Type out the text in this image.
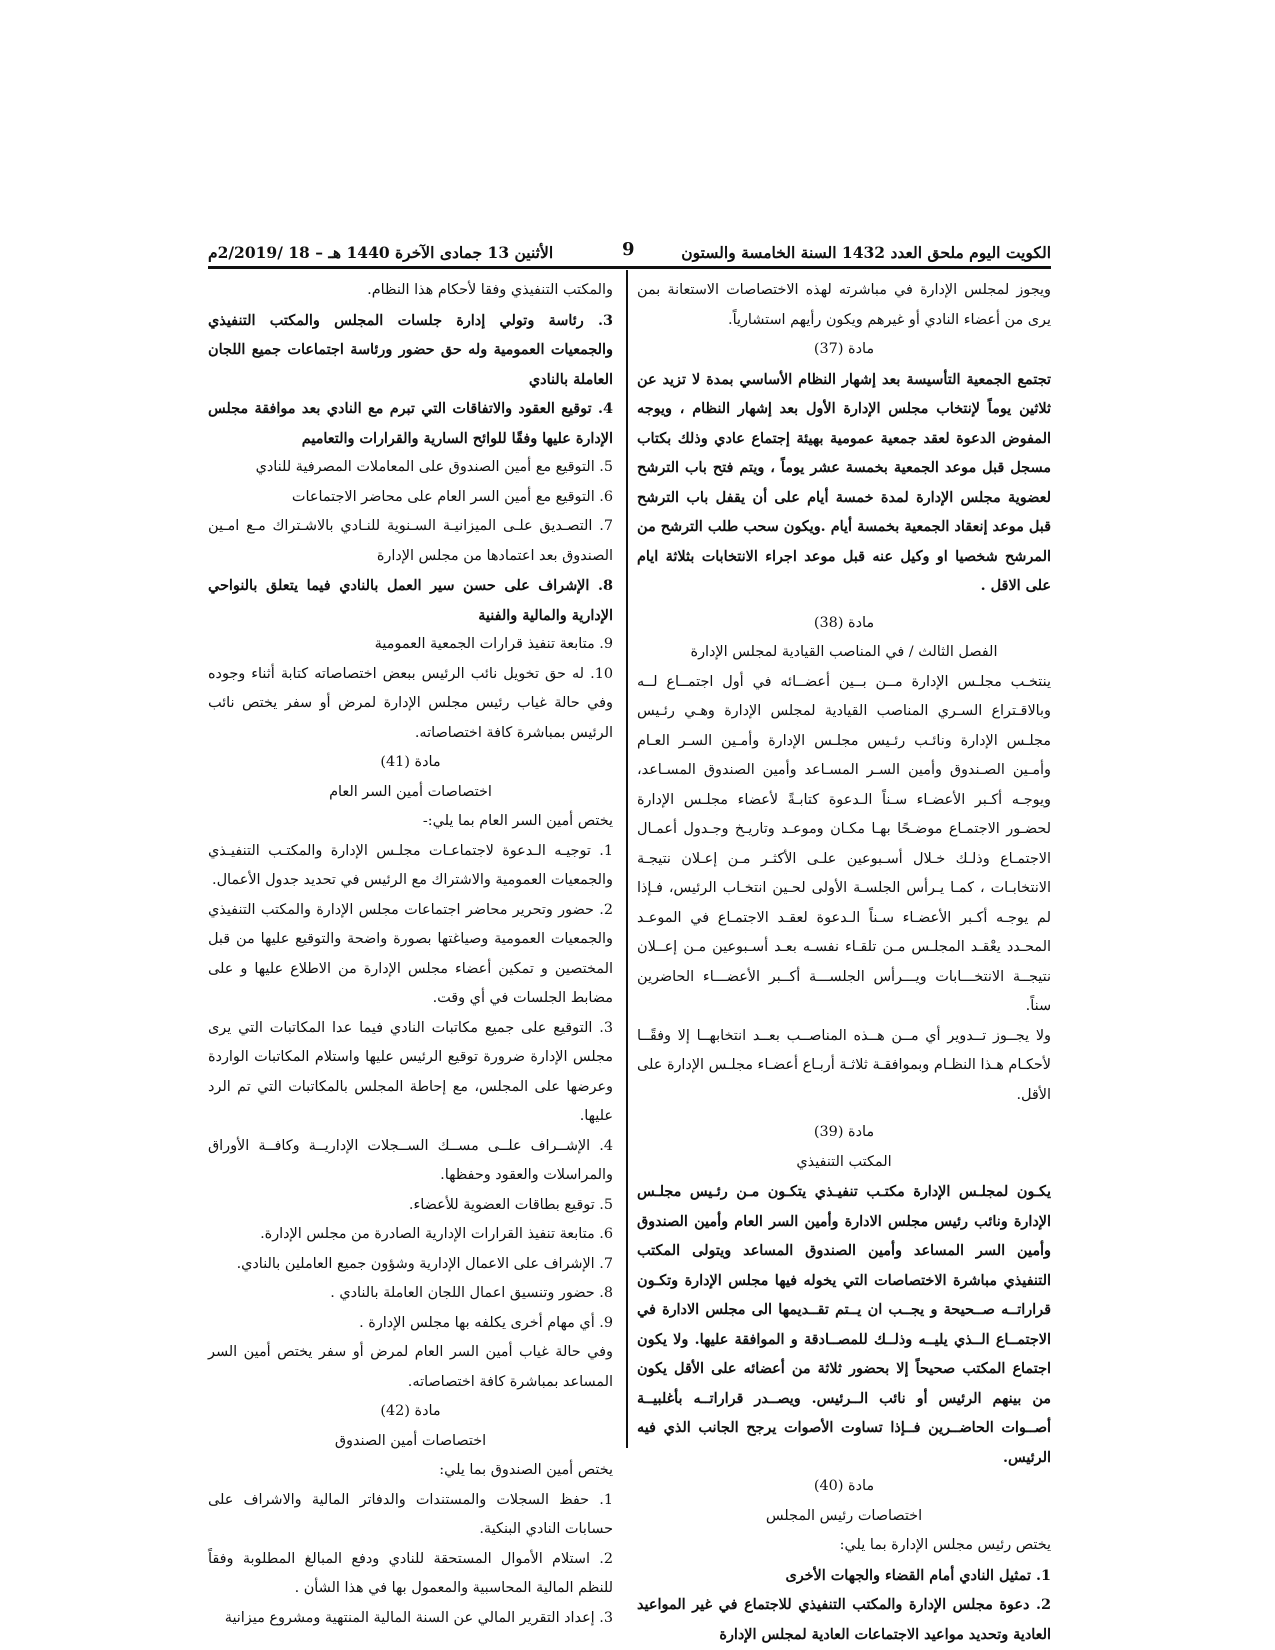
الكويت اليوم ملحق العدد 1432 السنة الخامسة والستون
9
الأثنين 13 جمادى الآخرة 1440 هـ – 18 /2/2019م

ويجوز لمجلس الإدارة في مباشرته لهذه الاختصاصات الاستعانة بمن يرى من أعضاء النادي أو غيرهم ويكون رأيهم استشارياً.

مادة (37)

تجتمع الجمعية التأسيسة بعد إشهار النظام الأساسي بمدة لا تزيد عن ثلاثين يوماً لإنتخاب مجلس الإدارة الأول بعد إشهار النظام ، ويوجه المفوض الدعوة لعقد جمعية عمومية بهيئة إجتماع عادي وذلك بكتاب مسجل قبل موعد الجمعية بخمسة عشر يوماً ، ويتم فتح باب الترشح لعضوية مجلس الإدارة لمدة خمسة أيام على أن يقفل باب الترشح قبل موعد إنعقاد الجمعية بخمسة أيام .ويكون سحب طلب الترشح من المرشح شخصيا او وكيل عنه قبل موعد اجراء الانتخابات بثلاثة ايام على الاقل .

مادة (38)

الفصل الثالث / في المناصب القيادية لمجلس الإدارة

ينتخـب مجلـس الإدارة مــن بــين أعضــائه في أول اجتمــاع لــه وبالاقـتراع السـري المناصب القيادية لمجلس الإدارة وهـي رئـيس مجلـس الإدارة ونائـب رئـيس مجلـس الإدارة وأمـين السـر العـام وأمـين الصـندوق وأمين السـر المسـاعد وأمين الصندوق المسـاعد، ويوجـه أكـبر الأعضـاء سـناً الـدعوة كتابـةً لأعضاء مجلـس الإدارة لحضـور الاجتمـاع موضـحًا بهـا مكـان وموعـد وتاريـخ وجـدول أعمـال الاجتمـاع وذلـك خـلال أسـبوعين علـى الأكثـر مـن إعـلان نتيجـة الانتخابـات ، كمـا يـرأس الجلسـة الأولى لحـين انتخـاب الرئيس، فـإذا لم يوجـه أكـبر الأعضـاء سـناً الـدعوة لعقـد الاجتمـاع في الموعـد المحـدد يعْقـد المجلـس مـن تلقـاء نفسـه بعـد أسـبوعين مـن إعــلان نتيجــة الانتخـــابات ويـــرأس الجلســـة أكــبر الأعضـــاء الحاضرين سناً.

ولا يجــوز تــدوير أي مــن هــذه المناصــب بعــد انتخابهــا إلا وفقًــا لأحكـام هـذا النظـام وبموافقـة ثلاثـة أربـاع أعضـاء مجلـس الإدارة على الأقل.

مادة (39)

المكتب التنفيذي

يكـون لمجلـس الإدارة مكتـب تنفيـذي يتكـون مـن رئـيس مجلـس الإدارة ونائب رئيس مجلس الادارة وأمين السر العام وأمين الصندوق وأمين السر المساعد وأمين الصندوق المساعد ويتولى المكتب التنفيذي مباشرة الاختصاصات التي يخوله فيها مجلس الإدارة وتكـون قراراتــه صــحيحة و يجــب ان يــتم تقــديمها الى مجلس الادارة في الاجتمــاع الــذي يليــه وذلــك للمصــادقة و الموافقة عليها. ولا يكون اجتماع المكتب صحيحاً إلا بحضور ثلاثة من أعضائه على الأقل يكون من بينهم الرئيس أو نائب الــرئيس. ويصــدر قراراتــه بأغلبيــة أصــوات الحاضــرين فــإذا تساوت الأصوات يرجح الجانب الذي فيه الرئيس.

مادة (40)

اختصاصات رئيس المجلس

يختص رئيس مجلس الإدارة بما يلي:

1. تمثيل النادي أمام القضاء والجهات الأخرى

2. دعوة مجلس الإدارة والمكتب التنفيذي للاجتماع في غير المواعيد العادية وتحديد مواعيد الاجتماعات العادية لمجلس الإدارة

والمكتب التنفيذي وفقا لأحكام هذا النظام.

3. رئاسة وتولي إدارة جلسات المجلس والمكتب التنفيذي والجمعيات العمومية وله حق حضور ورئاسة اجتماعات جميع اللجان العاملة بالنادي

4. توقيع العقود والاتفاقات التي تبرم مع النادي بعد موافقة مجلس الإدارة عليها وفقًا للوائح السارية والقرارات والتعاميم

5. التوقيع مع أمين الصندوق على المعاملات المصرفية للنادي

6. التوقيع مع أمين السر العام على محاضر الاجتماعات

7. التصـديق علـى الميزانيـة السـنوية للنـادي بالاشـتراك مـع امـين الصندوق بعد اعتمادها من مجلس الإدارة

8. الإشراف على حسن سير العمل بالنادي فيما يتعلق بالنواحي الإدارية والمالية والفنية

9. متابعة تنفيذ قرارات الجمعية العمومية

10. له حق تخويل نائب الرئيس ببعض اختصاصاته كتابة أثناء وجوده وفي حالة غياب رئيس مجلس الإدارة لمرض أو سفر يختص نائب الرئيس بمباشرة كافة اختصاصاته.

مادة (41)

اختصاصات أمين السر العام

يختص أمين السر العام بما يلي:-

1. توجيـه الـدعوة لاجتماعـات مجلـس الإدارة والمكتـب التنفيـذي والجمعيات العمومية والاشتراك مع الرئيس في تحديد جدول الأعمال.

2. حضور وتحرير محاضر اجتماعات مجلس الإدارة والمكتب التنفيذي والجمعيات العمومية وصياغتها بصورة واضحة والتوقيع عليها من قبل المختصين و تمكين أعضاء مجلس الإدارة من الاطلاع عليها و على مضابط الجلسات في أي وقت.

3. التوقيع على جميع مكاتبات النادي فيما عدا المكاتبات التي يرى مجلس الإدارة ضرورة توقيع الرئيس عليها واستلام المكاتبات الواردة وعرضها على المجلس، مع إحاطة المجلس بالمكاتبات التي تم الرد عليها.

4. الإشــراف علــى مســك الســجلات الإداريــة وكافــة الأوراق والمراسلات والعقود وحفظها.

5. توقيع بطاقات العضوية للأعضاء.

6. متابعة تنفيذ القرارات الإدارية الصادرة من مجلس الإدارة.

7. الإشراف على الاعمال الإدارية وشؤون جميع العاملين بالنادي.

8. حضور وتنسيق اعمال اللجان العاملة بالنادي .

9. أي مهام أخرى يكلفه بها مجلس الإدارة .

وفي حالة غياب أمين السر العام لمرض أو سفر يختص أمين السر المساعد بمباشرة كافة اختصاصاته.

مادة (42)

اختصاصات أمين الصندوق

يختص أمين الصندوق بما يلي:

1. حفظ السجلات والمستندات والدفاتر المالية والاشراف على حسابات النادي البنكية.

2. استلام الأموال المستحقة للنادي ودفع المبالغ المطلوبة وفقاً للنظم المالية المحاسبية والمعمول بها في هذا الشأن .

3. إعداد التقرير المالي عن السنة المالية المنتهية ومشروع ميزانية
